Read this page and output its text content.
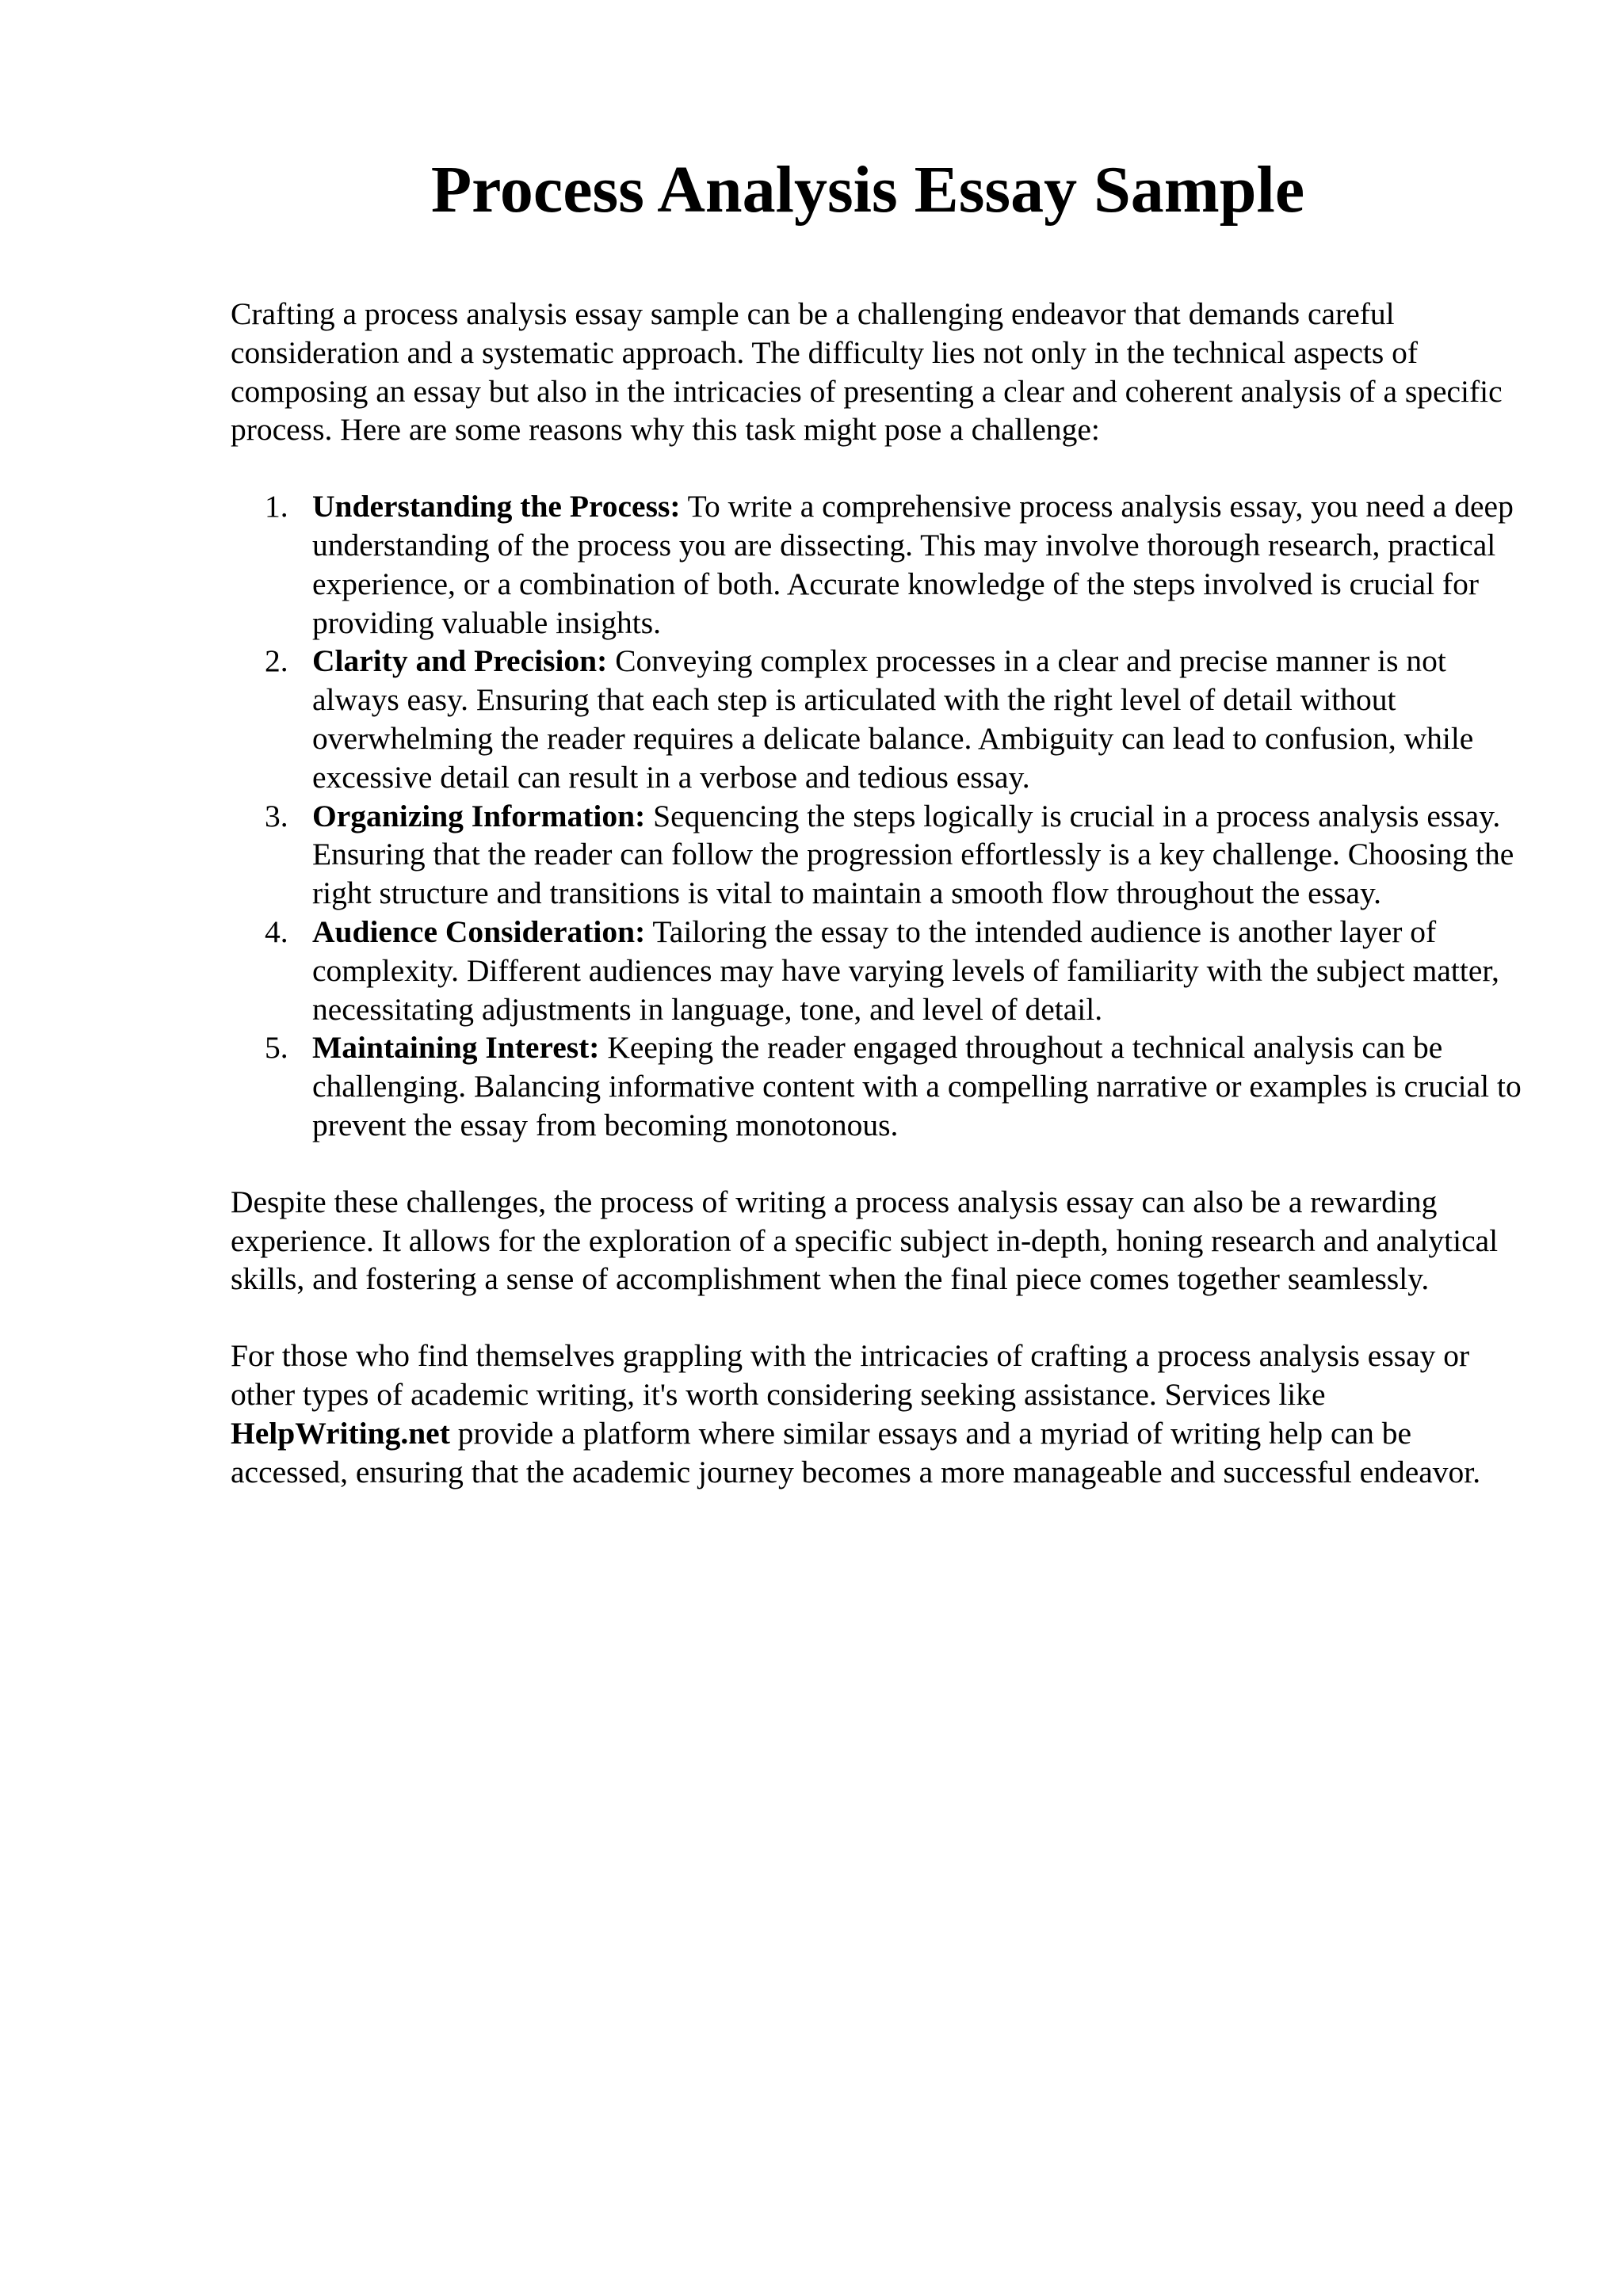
Process Analysis Essay Sample

Crafting a process analysis essay sample can be a challenging endeavor that demands careful consideration and a systematic approach. The difficulty lies not only in the technical aspects of composing an essay but also in the intricacies of presenting a clear and coherent analysis of a specific process. Here are some reasons why this task might pose a challenge:

1. Understanding the Process: To write a comprehensive process analysis essay, you need a deep understanding of the process you are dissecting. This may involve thorough research, practical experience, or a combination of both. Accurate knowledge of the steps involved is crucial for providing valuable insights.
2. Clarity and Precision: Conveying complex processes in a clear and precise manner is not always easy. Ensuring that each step is articulated with the right level of detail without overwhelming the reader requires a delicate balance. Ambiguity can lead to confusion, while excessive detail can result in a verbose and tedious essay.
3. Organizing Information: Sequencing the steps logically is crucial in a process analysis essay. Ensuring that the reader can follow the progression effortlessly is a key challenge. Choosing the right structure and transitions is vital to maintain a smooth flow throughout the essay.
4. Audience Consideration: Tailoring the essay to the intended audience is another layer of complexity. Different audiences may have varying levels of familiarity with the subject matter, necessitating adjustments in language, tone, and level of detail.
5. Maintaining Interest: Keeping the reader engaged throughout a technical analysis can be challenging. Balancing informative content with a compelling narrative or examples is crucial to prevent the essay from becoming monotonous.

Despite these challenges, the process of writing a process analysis essay can also be a rewarding experience. It allows for the exploration of a specific subject in-depth, honing research and analytical skills, and fostering a sense of accomplishment when the final piece comes together seamlessly.

For those who find themselves grappling with the intricacies of crafting a process analysis essay or other types of academic writing, it's worth considering seeking assistance. Services like HelpWriting.net provide a platform where similar essays and a myriad of writing help can be accessed, ensuring that the academic journey becomes a more manageable and successful endeavor.
